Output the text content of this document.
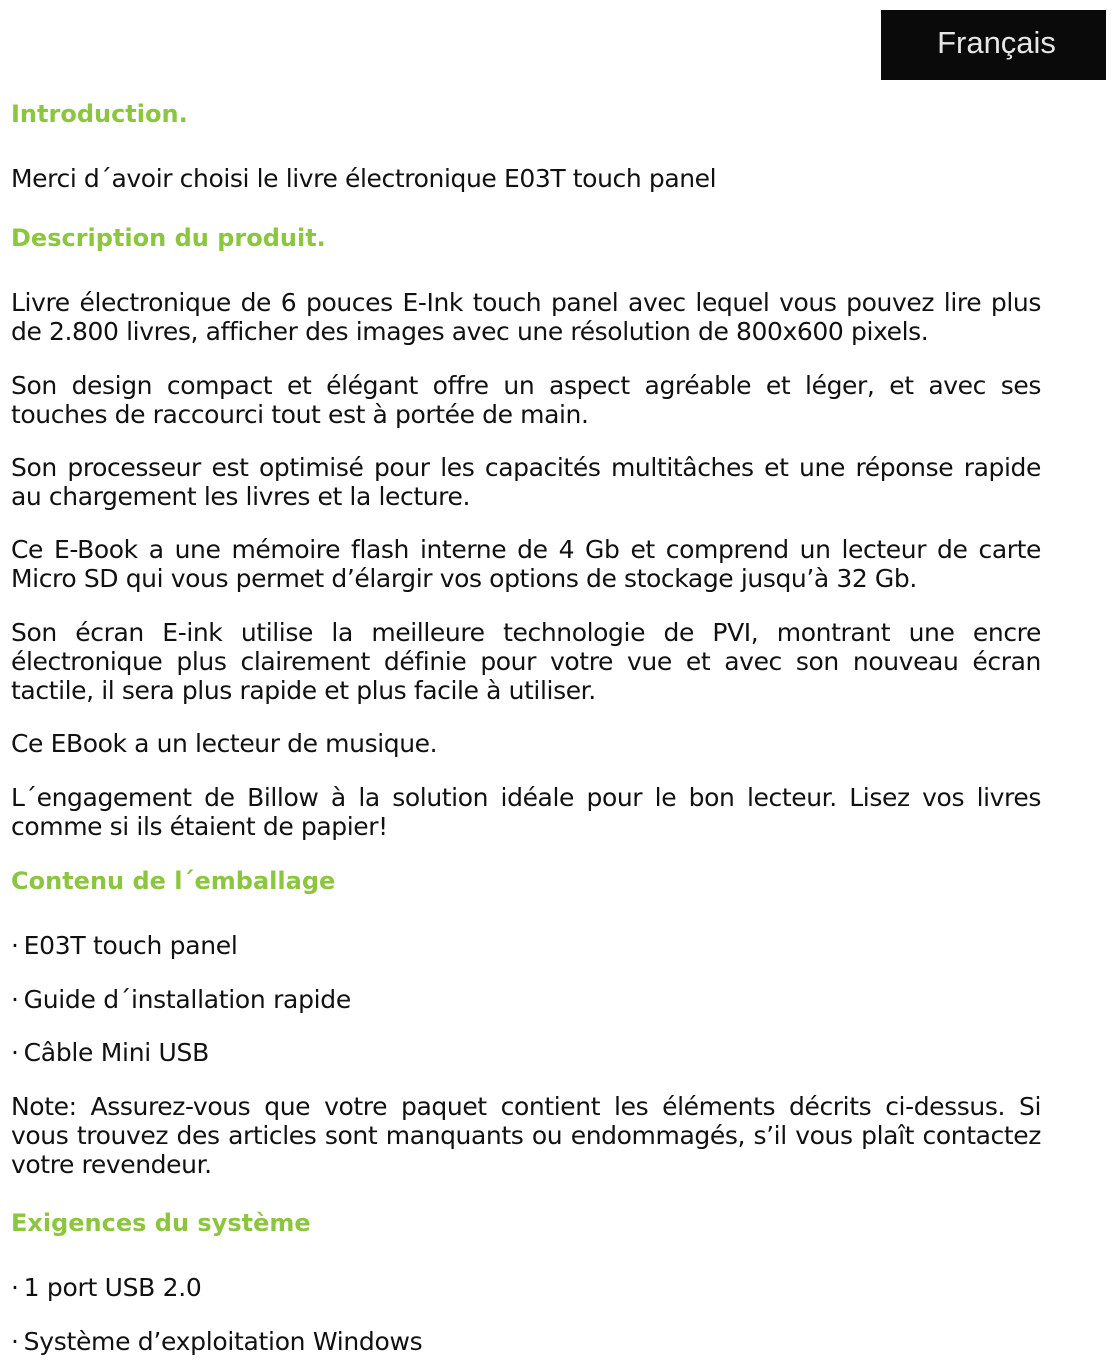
Français
Introduction.
Merci d´avoir choisi le livre électronique E03T touch panel
Description du produit.
Livre électronique de 6 pouces E-Ink touch panel avec lequel vous pouvez lire plus de 2.800 livres, afficher des images avec une résolution de 800x600 pixels.
Son design compact et élégant offre un aspect agréable et léger, et avec ses touches de raccourci tout est à portée de main.
Son processeur est optimisé pour les capacités multitâches et une réponse rapide au chargement les livres et la lecture.
Ce E-Book a une mémoire flash interne de 4 Gb et comprend un lecteur de carte Micro SD qui vous permet d’élargir vos options de stockage jusqu’à 32 Gb.
Son écran E-ink utilise la meilleure technologie de PVI, montrant une encre électronique plus clairement définie pour votre vue et avec son nouveau écran tactile, il sera plus rapide et plus facile à utiliser.
Ce EBook a un lecteur de musique.
L´engagement de Billow à la solution idéale pour le bon lecteur. Lisez vos livres comme si ils étaient de papier!
Contenu de l´emballage
· E03T touch panel
· Guide d´installation rapide
· Câble Mini USB
Note: Assurez-vous que votre paquet contient les éléments décrits ci-dessus. Si vous trouvez des articles sont manquants ou endommagés, s’il vous plaît contactez votre revendeur.
Exigences du système
· 1 port USB 2.0
· Système d’exploitation Windows
